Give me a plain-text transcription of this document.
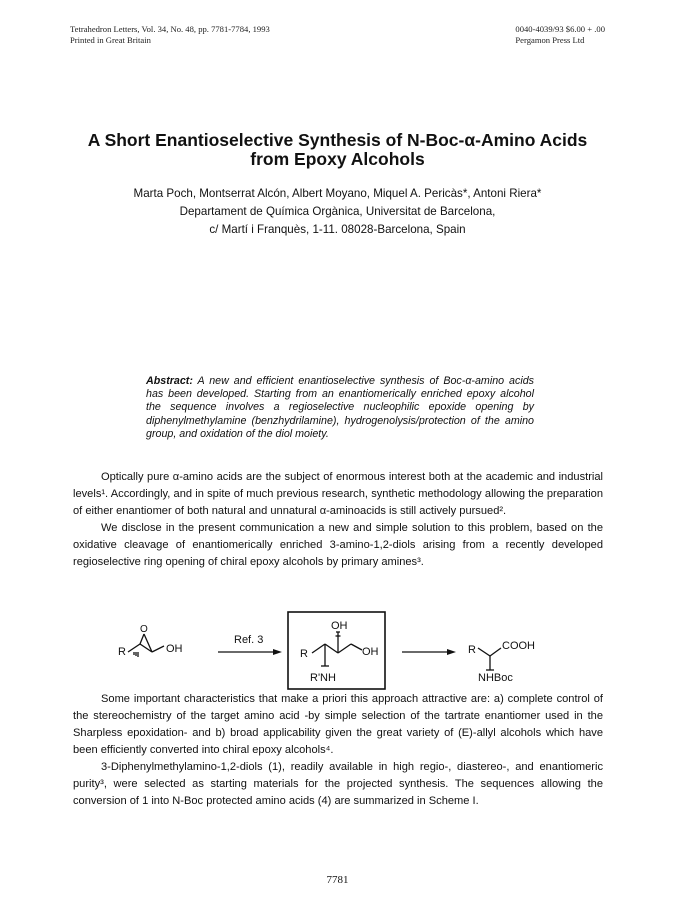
Tetrahedron Letters, Vol. 34, No. 48, pp. 7781-7784, 1993
Printed in Great Britain
0040-4039/93 $6.00 + .00
Pergamon Press Ltd
A Short Enantioselective Synthesis of N-Boc-α-Amino Acids
from Epoxy Alcohols
Marta Poch, Montserrat Alcón, Albert Moyano, Miquel A. Pericàs*, Antoni Riera*
Departament de Química Orgànica, Universitat de Barcelona,
c/ Martí i Franquès, 1-11. 08028-Barcelona, Spain
Abstract: A new and efficient enantioselective synthesis of Boc-α-amino acids has been developed. Starting from an enantiomerically enriched epoxy alcohol the sequence involves a regioselective nucleophilic epoxide opening by diphenylmethylamine (benzhydrilamine), hydrogenolysis/protection of the amino group, and oxidation of the diol moiety.

Optically pure α-amino acids are the subject of enormous interest both at the academic and industrial levels¹. Accordingly, and in spite of much previous research, synthetic methodology allowing the preparation of either enantiomer of both natural and unnatural α-aminoacids is still actively pursued².

We disclose in the present communication a new and simple solution to this problem, based on the oxidative cleavage of enantiomerically enriched 3-amino-1,2-diols arising from a recently developed regioselective ring opening of chiral epoxy alcohols by primary amines³.

R
O
OH
Ref. 3
R
OH
OH
R'NH
R COOH
NHBoc

Some important characteristics that make a priori this approach attractive are: a) complete control of the stereochemistry of the target amino acid -by simple selection of the tartrate enantiomer used in the Sharpless epoxidation- and b) broad applicability given the great variety of (E)-allyl alcohols which have been efficiently converted into chiral epoxy alcohols⁴.

3-Diphenylmethylamino-1,2-diols (1), readily available in high regio-, diastereo-, and enantiomeric purity³, were selected as starting materials for the projected synthesis. The sequences allowing the conversion of 1 into N-Boc protected amino acids (4) are summarized in Scheme I.

7781
